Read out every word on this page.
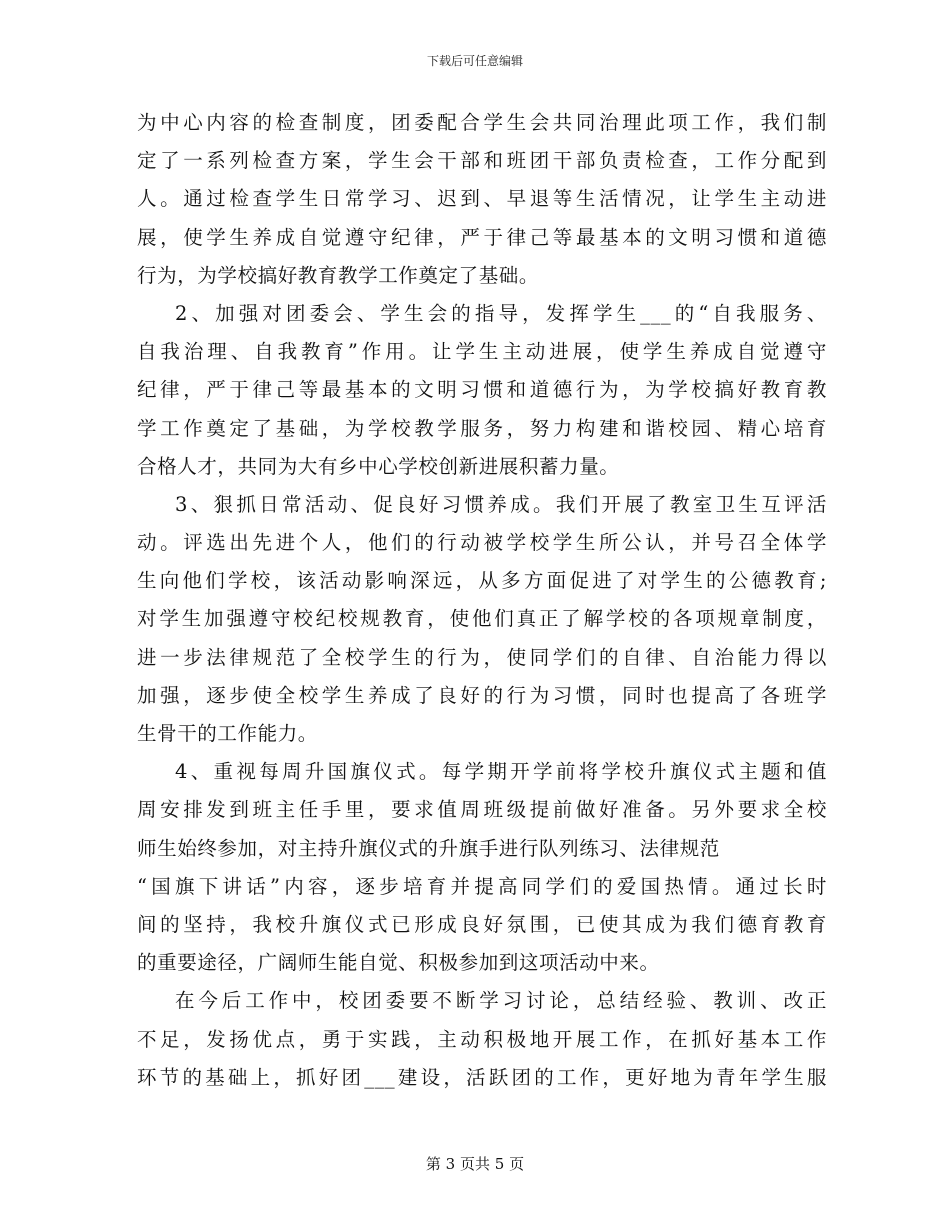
下载后可任意编辑
为中心内容的检查制度，团委配合学生会共同治理此项工作，我们制
定了一系列检查方案，学生会干部和班团干部负责检查，工作分配到
人。通过检查学生日常学习、迟到、早退等生活情况，让学生主动进
展，使学生养成自觉遵守纪律，严于律己等最基本的文明习惯和道德
行为，为学校搞好教育教学工作奠定了基础。
2、加强对团委会、学生会的指导，发挥学生___的“自我服务、
自我治理、自我教育”作用。让学生主动进展，使学生养成自觉遵守
纪律，严于律己等最基本的文明习惯和道德行为，为学校搞好教育教
学工作奠定了基础，为学校教学服务，努力构建和谐校园、精心培育
合格人才，共同为大有乡中心学校创新进展积蓄力量。
3、狠抓日常活动、促良好习惯养成。我们开展了教室卫生互评活
动。评选出先进个人，他们的行动被学校学生所公认，并号召全体学
生向他们学校，该活动影响深远，从多方面促进了对学生的公德教育;
对学生加强遵守校纪校规教育，使他们真正了解学校的各项规章制度，
进一步法律规范了全校学生的行为，使同学们的自律、自治能力得以
加强，逐步使全校学生养成了良好的行为习惯，同时也提高了各班学
生骨干的工作能力。
4、重视每周升国旗仪式。每学期开学前将学校升旗仪式主题和值
周安排发到班主任手里，要求值周班级提前做好准备。另外要求全校
师生始终参加，对主持升旗仪式的升旗手进行队列练习、法律规范
“国旗下讲话”内容，逐步培育并提高同学们的爱国热情。通过长时
间的坚持，我校升旗仪式已形成良好氛围，已使其成为我们德育教育
的重要途径，广阔师生能自觉、积极参加到这项活动中来。
在今后工作中，校团委要不断学习讨论，总结经验、教训、改正
不足，发扬优点，勇于实践，主动积极地开展工作，在抓好基本工作
环节的基础上，抓好团___建设，活跃团的工作，更好地为青年学生服
第 3 页共 5 页
